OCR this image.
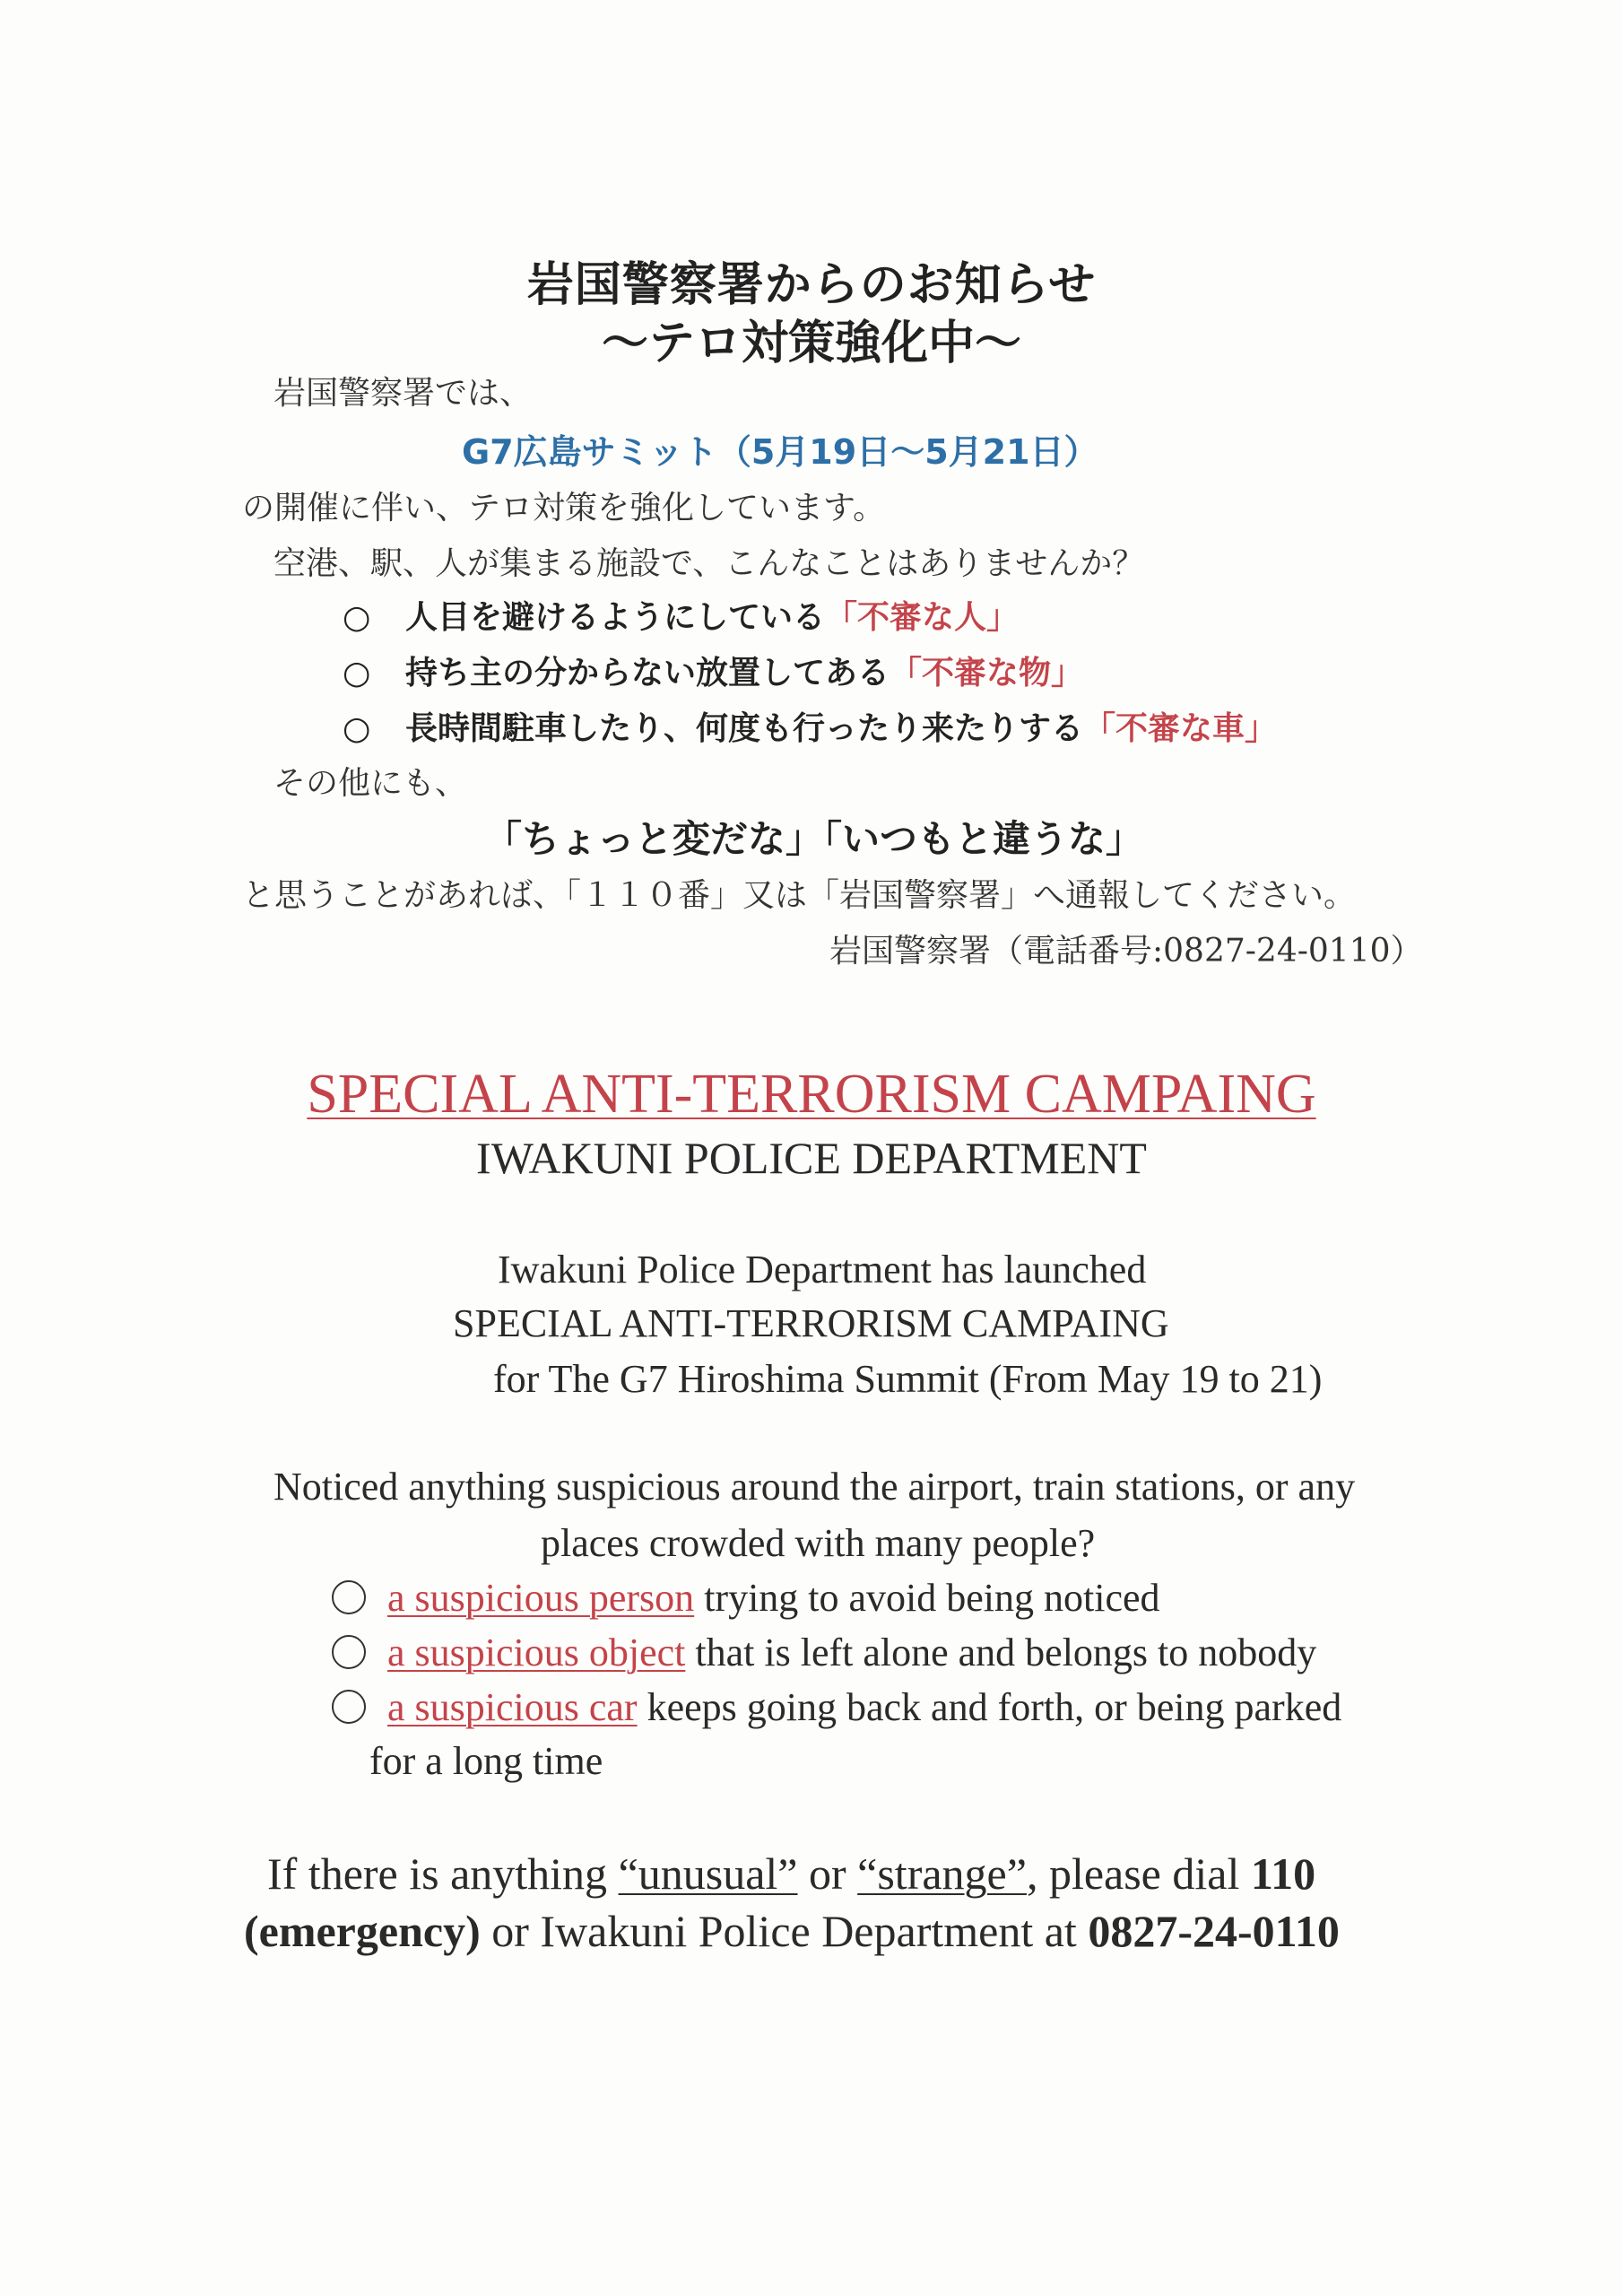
岩国警察署からのお知らせ
〜テロ対策強化中〜
岩国警察署では、
G7広島サミット（5月19日〜5月21日）
の開催に伴い、テロ対策を強化しています。
空港、駅、人が集まる施設で、こんなことはありませんか？
○ 人目を避けるようにしている「不審な人」
○ 持ち主の分からない放置してある「不審な物」
○ 長時間駐車したり、何度も行ったり来たりする「不審な車」
その他にも、
「ちょっと変だな」「いつもと違うな」
と思うことがあれば、「１１０番」又は「岩国警察署」へ通報してください。
岩国警察署（電話番号:0827-24-0110）
SPECIAL ANTI-TERRORISM CAMPAING
IWAKUNI POLICE DEPARTMENT
Iwakuni Police Department has launched
SPECIAL ANTI-TERRORISM CAMPAING
for The G7 Hiroshima Summit (From May 19 to 21)
Noticed anything suspicious around the airport, train stations, or any
places crowded with many people?
a suspicious person trying to avoid being noticed
a suspicious object that is left alone and belongs to nobody
a suspicious car keeps going back and forth, or being parked
for a long time
If there is anything “unusual” or “strange”, please dial 110
(emergency) or Iwakuni Police Department at 0827-24-0110
